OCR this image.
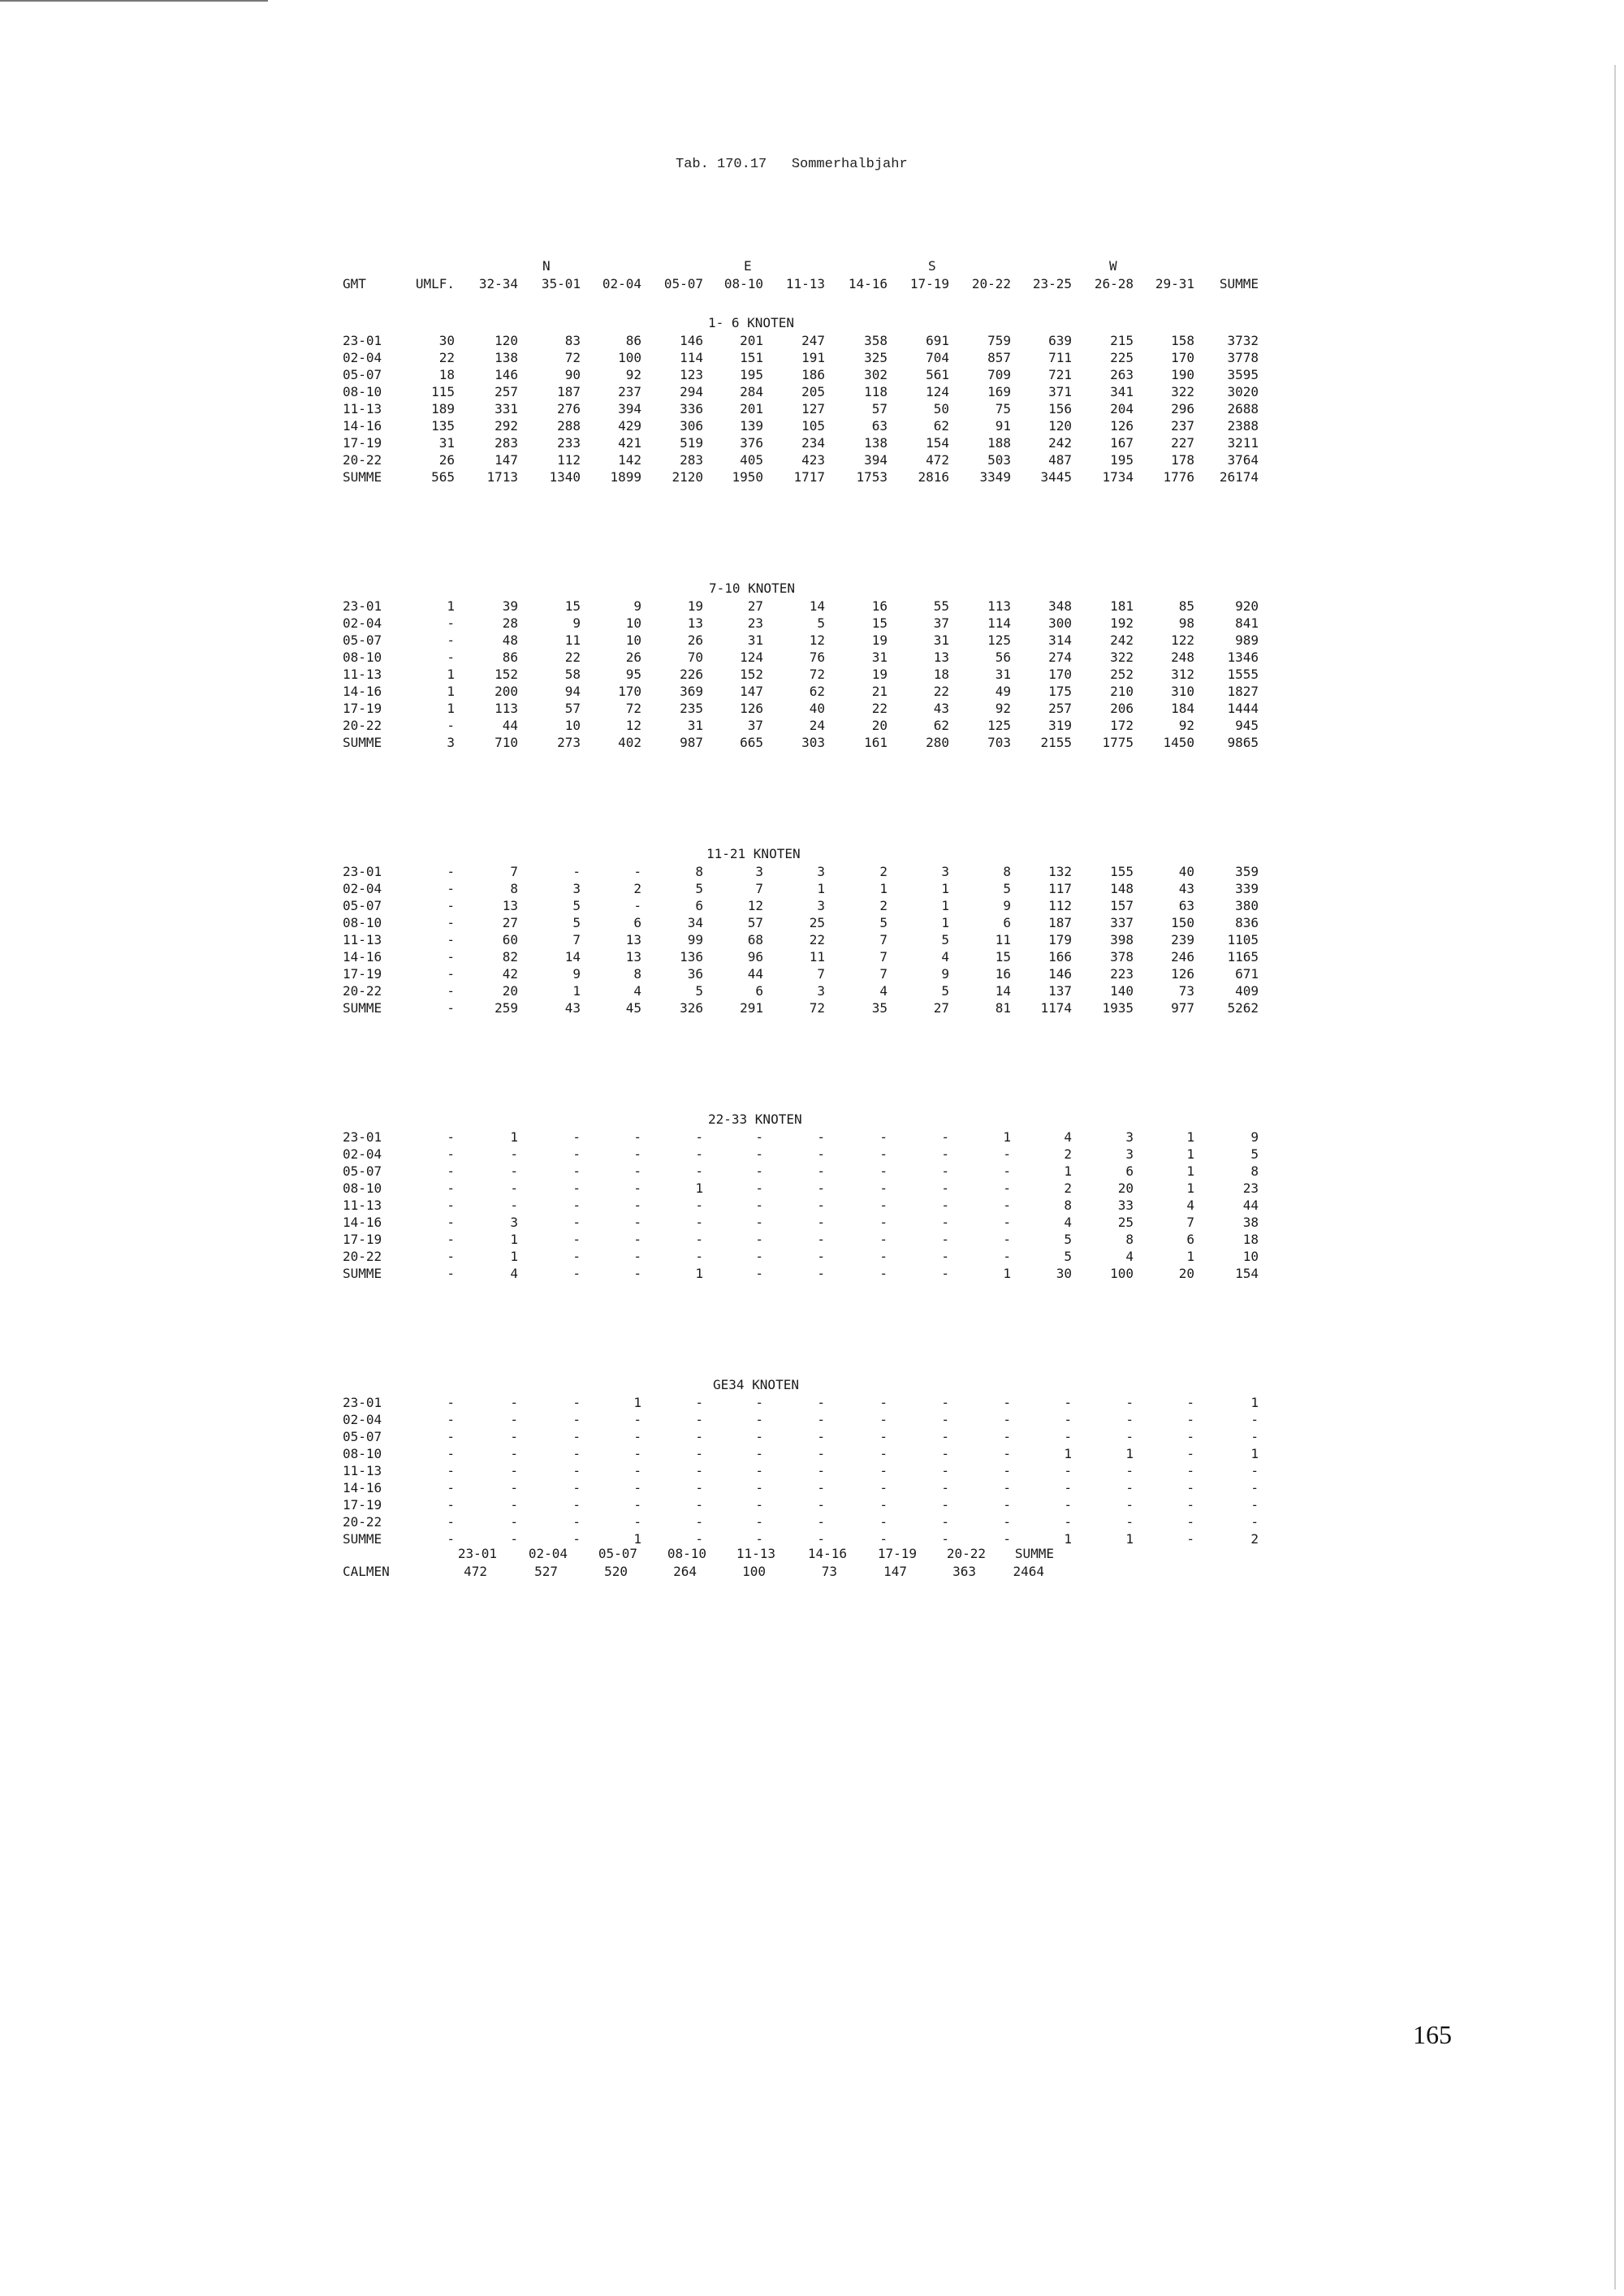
Tab. 170.17   Sommerhalbjahr
N	E	S	W
GMT	UMLF. 32-34 35-01 02-04 05-07 08-10 11-13 14-16 17-19 20-22 23-25 26-28 29-31 SUMME
1- 6 KNOTEN
23-01	30	120	83	86	146	201	247	358	691	759	639	215	158	3732
02-04	22	138	72	100	114	151	191	325	704	857	711	225	170	3778
05-07	18	146	90	92	123	195	186	302	561	709	721	263	190	3595
08-10	115	257	187	237	294	284	205	118	124	169	371	341	322	3020
11-13	189	331	276	394	336	201	127	57	50	75	156	204	296	2688
14-16	135	292	288	429	306	139	105	63	62	91	120	126	237	2388
17-19	31	283	233	421	519	376	234	138	154	188	242	167	227	3211
20-22	26	147	112	142	283	405	423	394	472	503	487	195	178	3764
SUMME	565 1713 1340 1899 2120 1950 1717 1753 2816 3349 3445 1734 1776 26174
7-10 KNOTEN
23-01	1	39	15	9	19	27	14	16	55	113	348	181	85	920
02-04	-	28	9	10	13	23	5	15	37	114	300	192	98	841
05-07	-	48	11	10	26	31	12	19	31	125	314	242	122	989
08-10	-	86	22	26	70	124	76	31	13	56	274	322	248	1346
11-13	1	152	58	95	226	152	72	19	18	31	170	252	312	1555
14-16	1	200	94	170	369	147	62	21	22	49	175	210	310	1827
17-19	1	113	57	72	235	126	40	22	43	92	257	206	184	1444
20-22	-	44	10	12	31	37	24	20	62	125	319	172	92	945
SUMME	3	710	273	402	987	665	303	161	280	703 2155 1775 1450	9865
11-21 KNOTEN
23-01	-	7	-	-	8	3	3	2	3	8	132	155	40	359
02-04	-	8	3	2	5	7	1	1	1	5	117	148	43	339
05-07	-	13	5	-	6	12	3	2	1	9	112	157	63	380
08-10	-	27	5	6	34	57	25	5	1	6	187	337	150	836
11-13	-	60	7	13	99	68	22	7	5	11	179	398	239	1105
14-16	-	82	14	13	136	96	11	7	4	15	166	378	246	1165
17-19	-	42	9	8	36	44	7	7	9	16	146	223	126	671
20-22	-	20	1	4	5	6	3	4	5	14	137	140	73	409
SUMME	-	259	43	45	326	291	72	35	27	81 1174 1935	977	5262
22-33 KNOTEN
23-01	-	1	-	-	-	-	-	-	-	1	4	3	1	9
02-04	-	-	-	-	-	-	-	-	-	-	2	3	1	5
05-07	-	-	-	-	-	-	-	-	-	-	1	6	1	8
08-10	-	-	-	-	1	-	-	-	-	-	2	20	1	23
11-13	-	-	-	-	-	-	-	-	-	-	8	33	4	44
14-16	-	3	-	-	-	-	-	-	-	-	4	25	7	38
17-19	-	1	-	-	-	-	-	-	-	-	5	8	6	18
20-22	-	1	-	-	-	-	-	-	-	-	5	4	1	10
SUMME	-	4	-	-	1	-	-	-	-	1	30	100	20	154
GE34 KNOTEN
23-01	-	-	-	1	-	-	-	-	-	-	-	-	-	1
02-04	-	-	-	-	-	-	-	-	-	-	-	-	-	-
05-07	-	-	-	-	-	-	-	-	-	-	-	-	-	-
08-10	-	-	-	-	-	-	-	-	-	-	1	1	-	1
11-13	-	-	-	-	-	-	-	-	-	-	-	-	-	-
14-16	-	-	-	-	-	-	-	-	-	-	-	-	-	-
17-19	-	-	-	-	-	-	-	-	-	-	-	-	-	-
20-22	-	-	-	-	-	-	-	-	-	-	-	-	-	-
SUMME	-	-	-	1	-	-	-	-	-	-	1	1	-	2
23-01 02-04 05-07 08-10 11-13 14-16 17-19 20-22 SUMME
CALMEN	472	527	520	264	100	73	147	363	2464
165
